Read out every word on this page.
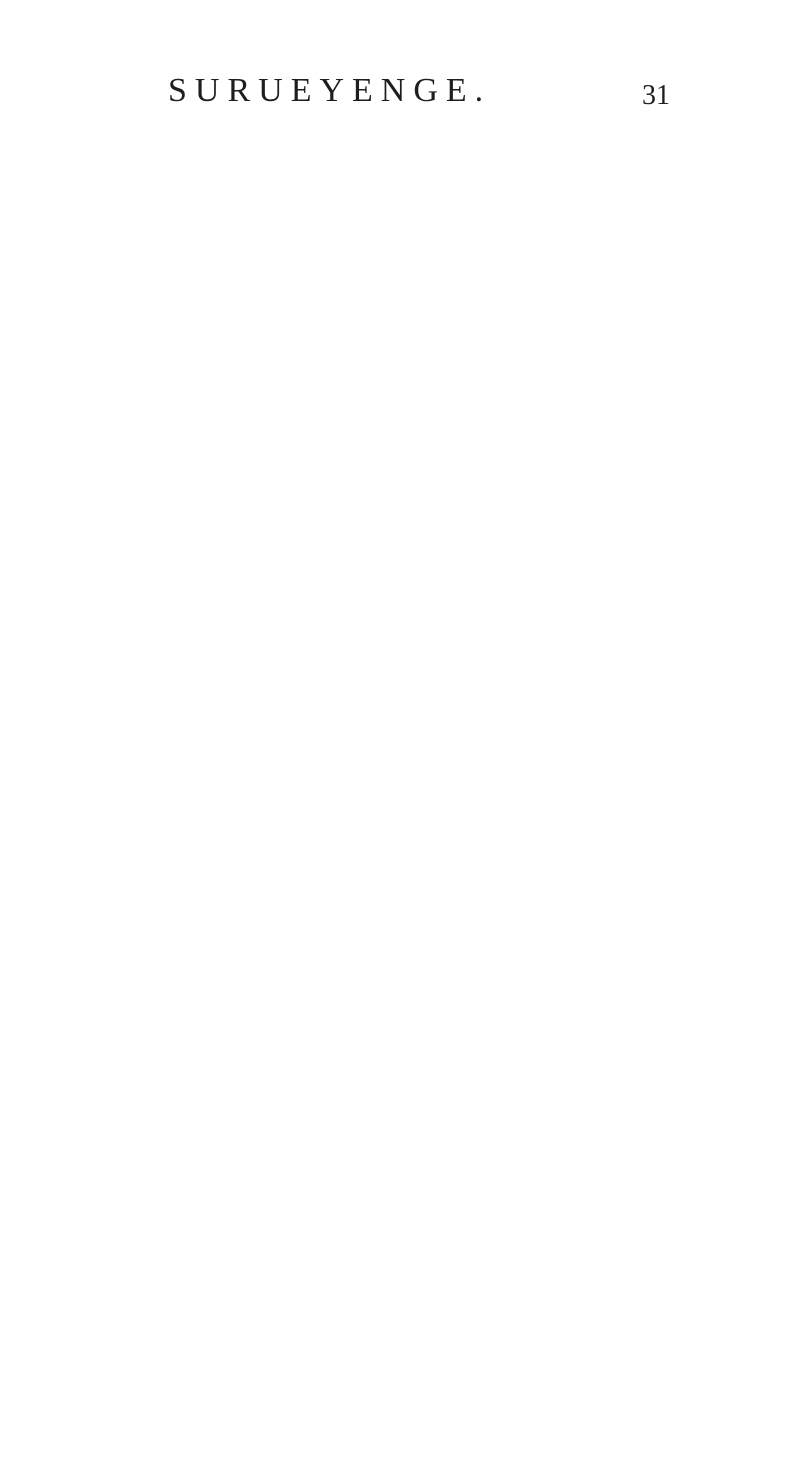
SURUEYENGE.	31
